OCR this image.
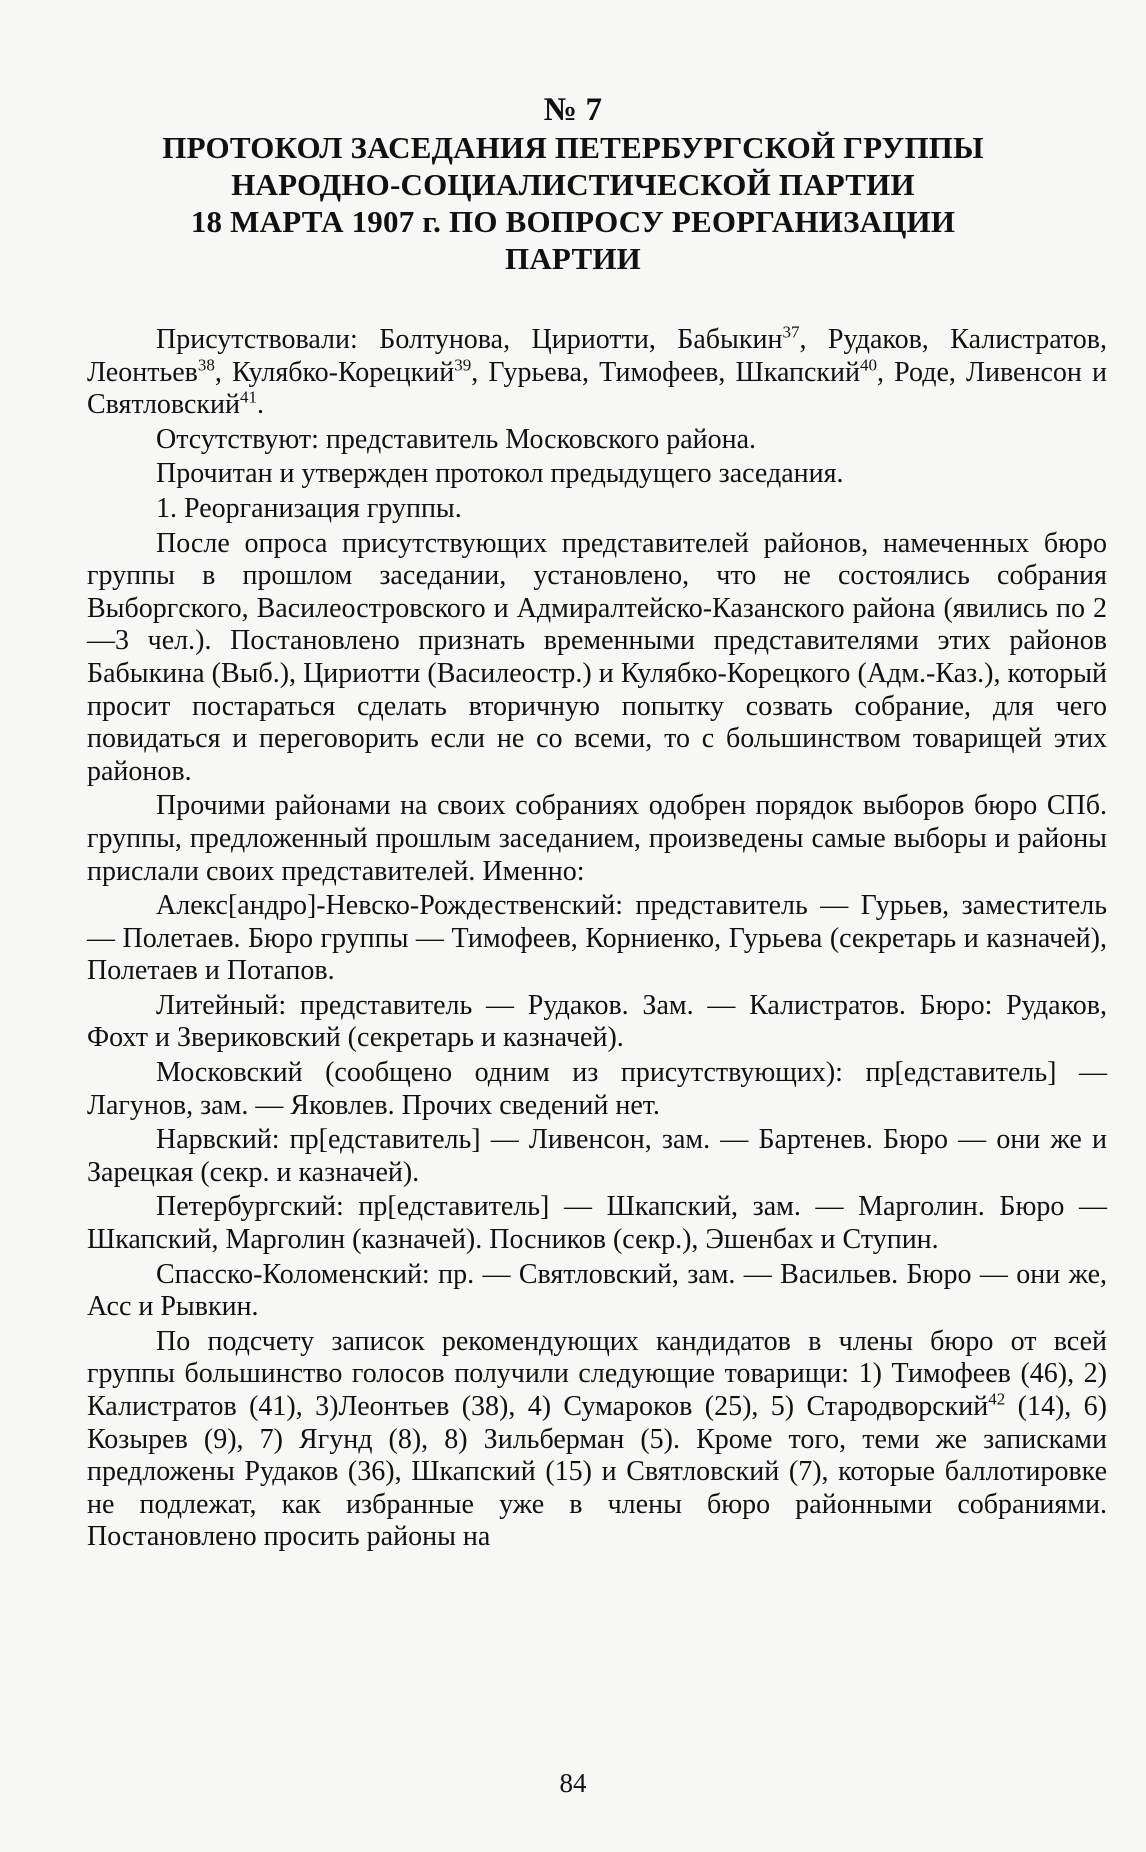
№ 7
ПРОТОКОЛ ЗАСЕДАНИЯ ПЕТЕРБУРГСКОЙ ГРУППЫ
НАРОДНО-СОЦИАЛИСТИЧЕСКОЙ ПАРТИИ
18 МАРТА 1907 г. ПО ВОПРОСУ РЕОРГАНИЗАЦИИ
ПАРТИИ

Присутствовали: Болтунова, Цириотти, Бабыкин$^{37}$, Рудаков, Калистратов, Леонтьев$^{38}$, Кулябко-Корецкий$^{39}$, Гурьева, Тимофеев, Шкапский$^{40}$, Роде, Ливенсон и Святловский$^{41}$.

Отсутствуют: представитель Московского района.

Прочитан и утвержден протокол предыдущего заседания.

1. Реорганизация группы.

После опроса присутствующих представителей районов, намеченных бюро группы в прошлом заседании, установлено, что не состоялись собрания Выборгского, Василеостровского и Адмиралтейско-Казанского района (явились по 2—3 чел.). Постановлено признать временными представителями этих районов Бабыкина (Выб.), Цириотти (Василеостр.) и Кулябко-Корецкого (Адм.-Каз.), который просит постараться сделать вторичную попытку созвать собрание, для чего повидаться и переговорить если не со всеми, то с большинством товарищей этих районов.

Прочими районами на своих собраниях одобрен порядок выборов бюро СПб. группы, предложенный прошлым заседанием, произведены самые выборы и районы прислали своих представителей. Именно:

Алекс[андро]-Невско-Рождественский: представитель — Гурьев, заместитель — Полетаев. Бюро группы — Тимофеев, Корниенко, Гурьева (секретарь и казначей), Полетаев и Потапов.

Литейный: представитель — Рудаков. Зам. — Калистратов. Бюро: Рудаков, Фохт и Звериковский (секретарь и казначей).

Московский (сообщено одним из присутствующих): пр[едставитель] — Лагунов, зам. — Яковлев. Прочих сведений нет.

Нарвский: пр[едставитель] — Ливенсон, зам. — Бартенев. Бюро — они же и Зарецкая (секр. и казначей).

Петербургский: пр[едставитель] — Шкапский, зам. — Марголин. Бюро — Шкапский, Марголин (казначей). Посников (секр.), Эшенбах и Ступин.

Спасско-Коломенский: пр. — Святловский, зам. — Васильев. Бюро — они же, Асс и Рывкин.

По подсчету записок рекомендующих кандидатов в члены бюро от всей группы большинство голосов получили следующие товарищи: 1) Тимофеев (46), 2) Калистратов (41), 3)Леонтьев (38), 4) Сумароков (25), 5) Стародворский$^{42}$ (14), 6) Козырев (9), 7) Ягунд (8), 8) Зильберман (5). Кроме того, теми же записками предложены Рудаков (36), Шкапский (15) и Святловский (7), которые баллотировке не подлежат, как избранные уже в члены бюро районными собраниями. Постановлено просить районы на

84
